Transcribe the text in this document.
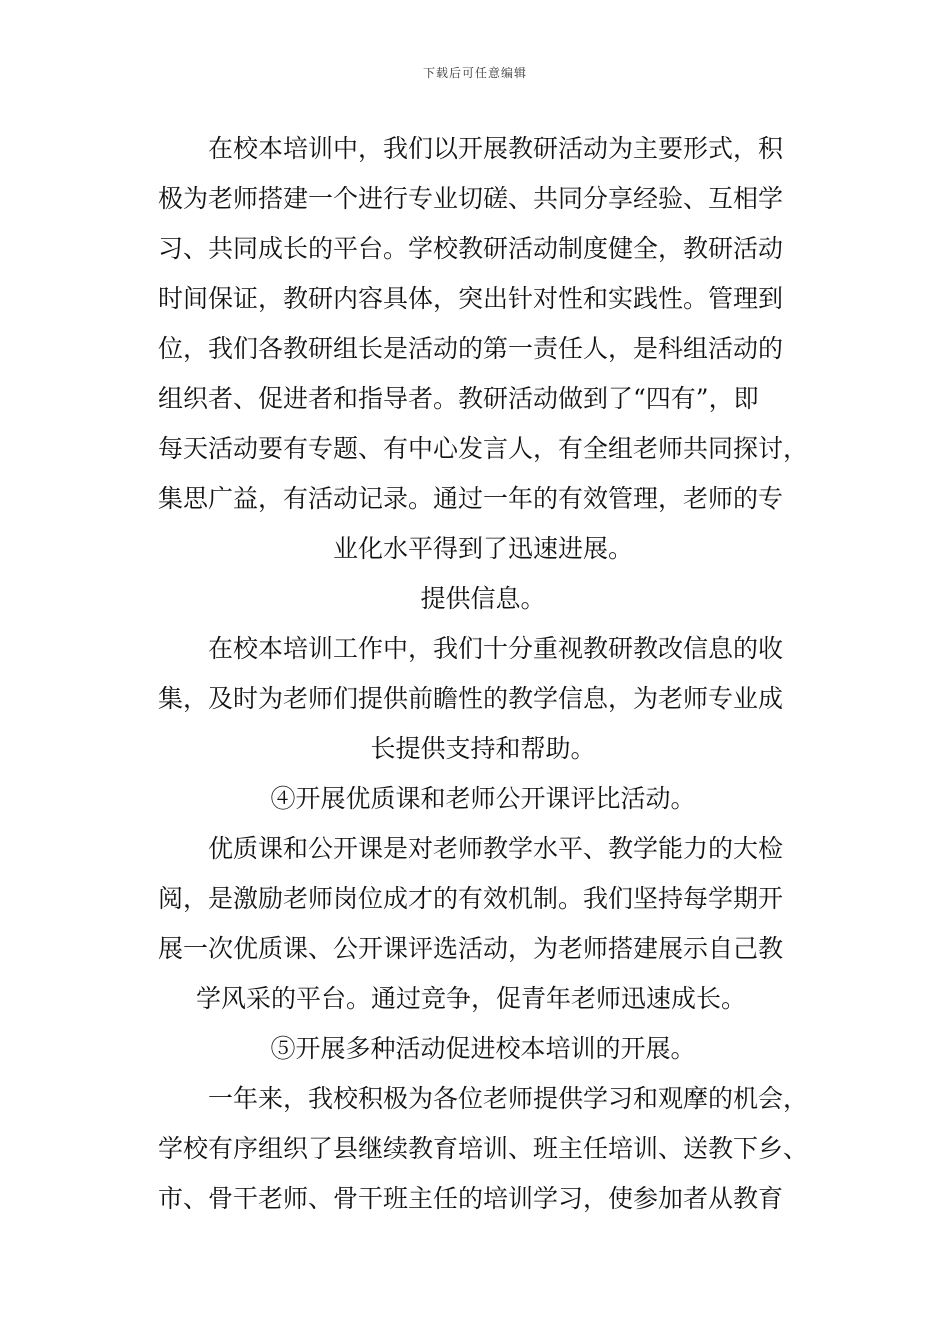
下载后可任意编辑
在校本培训中，我们以开展教研活动为主要形式，积
极为老师搭建一个进行专业切磋、共同分享经验、互相学
习、共同成长的平台。学校教研活动制度健全，教研活动
时间保证，教研内容具体，突出针对性和实践性。管理到
位，我们各教研组长是活动的第一责任人，是科组活动的
组织者、促进者和指导者。教研活动做到了“四有”，即
每天活动要有专题、有中心发言人，有全组老师共同探讨，
集思广益，有活动记录。通过一年的有效管理，老师的专
业化水平得到了迅速进展。
提供信息。
在校本培训工作中，我们十分重视教研教改信息的收
集，及时为老师们提供前瞻性的教学信息，为老师专业成
长提供支持和帮助。
④开展优质课和老师公开课评比活动。
优质课和公开课是对老师教学水平、教学能力的大检
阅，是激励老师岗位成才的有效机制。我们坚持每学期开
展一次优质课、公开课评选活动，为老师搭建展示自己教
学风采的平台。通过竞争，促青年老师迅速成长。
⑤开展多种活动促进校本培训的开展。
一年来，我校积极为各位老师提供学习和观摩的机会，
学校有序组织了县继续教育培训、班主任培训、送教下乡、
市、骨干老师、骨干班主任的培训学习，使参加者从教育
